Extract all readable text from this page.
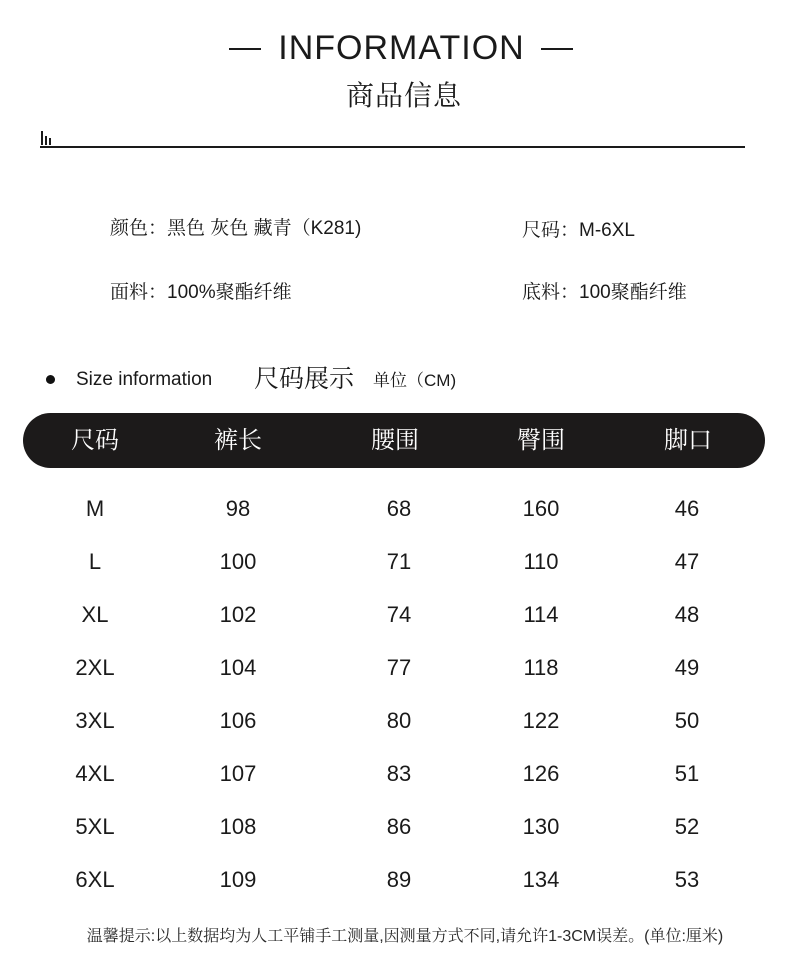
INFORMATION
商品信息
颜色：黑色 灰色 藏青（K281)	尺码：M-6XL
面料：100%聚酯纤维	底料：100聚酯纤维
Size information 尺码展示 单位（CM)
尺码	裤长	腰围	臀围	脚口
M	98	68	160	46
L	100	71	110	47
XL	102	74	114	48
2XL	104	77	118	49
3XL	106	80	122	50
4XL	107	83	126	51
5XL	108	86	130	52
6XL	109	89	134	53
温馨提示:以上数据均为人工平铺手工测量,因测量方式不同,请允许1-3CM误差。(单位:厘米)
